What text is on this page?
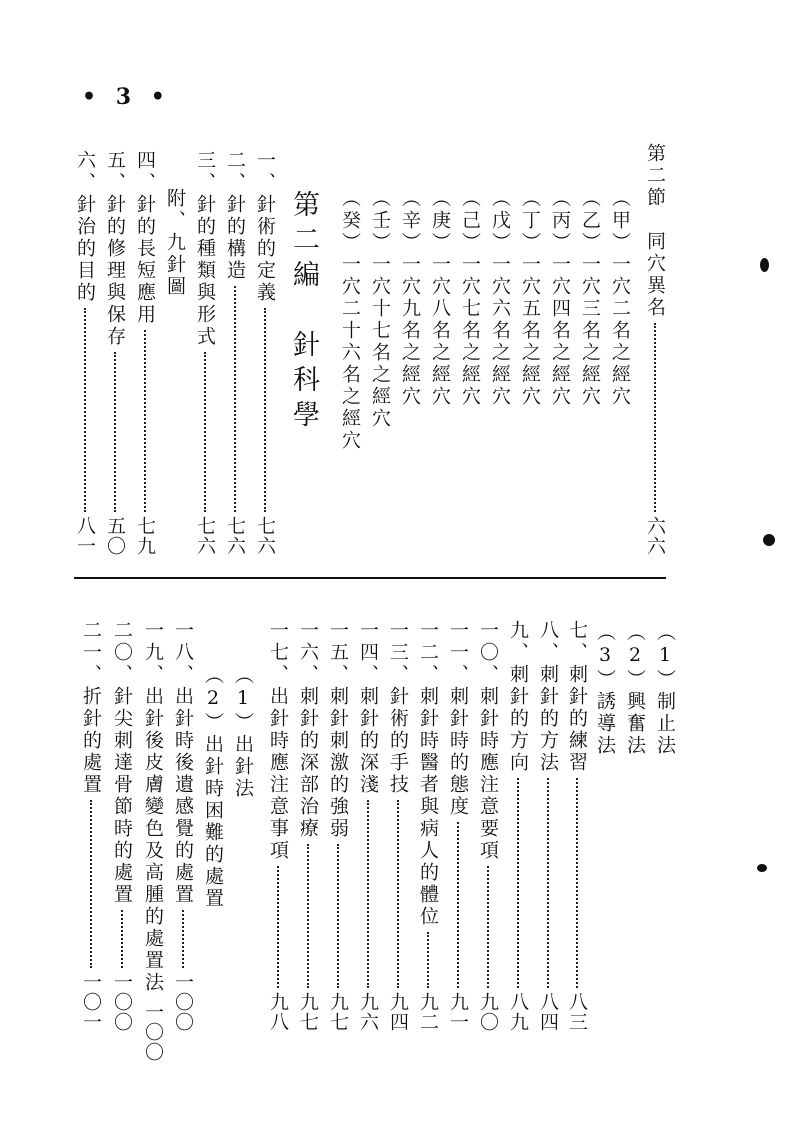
• 3 •
第二節　同穴異名
六六
（甲）一穴二名之經穴
（乙）一穴三名之經穴
（丙）一穴四名之經穴
（丁）一穴五名之經穴
（戊）一穴六名之經穴
（己）一穴七名之經穴
（庚）一穴八名之經穴
（辛）一穴九名之經穴
（壬）一穴十七名之經穴
（癸）一穴二十六名之經穴
第二編　針科學
一、針術的定義
七六
二、針的構造
七六
三、針的種類與形式
七六
附、九針圖
四、針的長短應用
七九
五、針的修理與保存
五〇
六、針治的目的
八一
（1）制止法
（2）興奮法
（3）誘導法
七、刺針的練習
八三
八、刺針的方法
八四
九、刺針的方向
八九
一〇、刺針時應注意要項
九〇
一一、刺針時的態度
九一
一二、刺針時醫者與病人的體位
九二
一三、針術的手技
九四
一四、刺針的深淺
九六
一五、刺針刺激的強弱
九七
一六、刺針的深部治療
九七
一七、出針時應注意事項
九八
（1）出針法
（2）出針時困難的處置
一八、出針時後遺感覺的處置
一〇〇
一九、出針後皮膚變色及高腫的處置法
一〇〇
二〇、針尖刺達骨節時的處置
一〇〇
二一、折針的處置
一〇一
